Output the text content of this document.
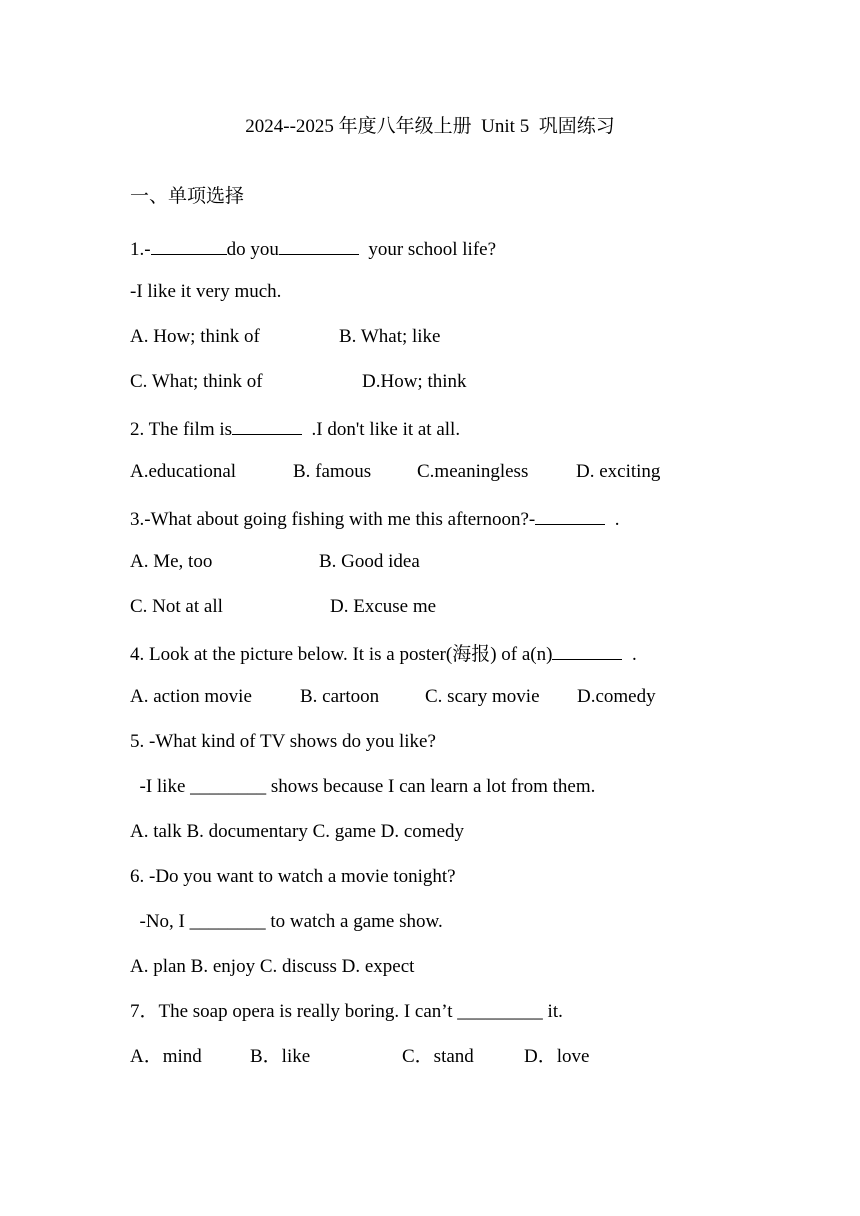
2024--2025 年度八年级上册  Unit 5  巩固练习
一、单项选择
1.-	do you	your school life?
-I like it very much.
A. How; think of	B. What; like
C. What; think of	D.How; think
2. The film is	.I don't like it at all.
A.educational	B. famous C.meaningless	D. exciting
3.-What about going fishing with me this afternoon?-	.
A. Me, too	B. Good idea
C. Not at all	D. Excuse me
4. Look at the picture below. It is a poster(海报) of a(n)	.
A. action movie	B. cartoon C. scary movie D.comedy
5. -What kind of TV shows do you like?
-I like ________ shows because I can learn a lot from them.
A. talk B. documentary C. game D. comedy
6. -Do you want to watch a movie tonight?
-No, I ________ to watch a game show.
A. plan B. enjoy C. discuss D. expect
7．The soap opera is really boring. I can’t _________ it.
A．mind	B．like	C．stand	D．love
